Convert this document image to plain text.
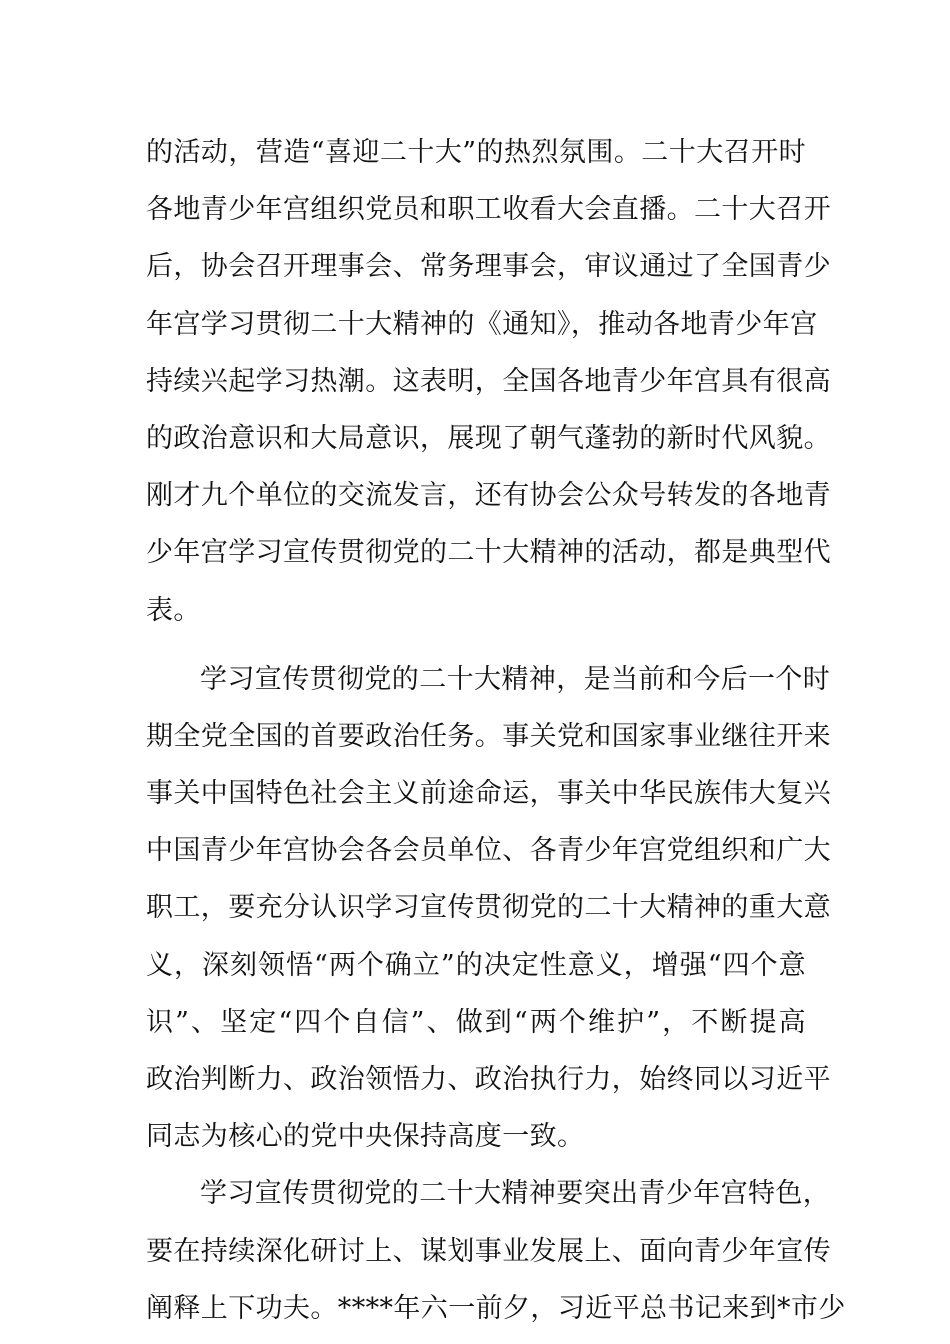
的活动，营造“喜迎二十大”的热烈氛围。二十大召开时
各地青少年宫组织党员和职工收看大会直播。二十大召开
后，协会召开理事会、常务理事会，审议通过了全国青少
年宫学习贯彻二十大精神的《通知》，推动各地青少年宫
持续兴起学习热潮。这表明，全国各地青少年宫具有很高
的政治意识和大局意识，展现了朝气蓬勃的新时代风貌。
刚才九个单位的交流发言，还有协会公众号转发的各地青
少年宫学习宣传贯彻党的二十大精神的活动，都是典型代
表。
学习宣传贯彻党的二十大精神，是当前和今后一个时
期全党全国的首要政治任务。事关党和国家事业继往开来
事关中国特色社会主义前途命运，事关中华民族伟大复兴
中国青少年宫协会各会员单位、各青少年宫党组织和广大
职工，要充分认识学习宣传贯彻党的二十大精神的重大意
义，深刻领悟“两个确立”的决定性意义，增强“四个意
识”、坚定“四个自信”、做到“两个维护”，不断提高
政治判断力、政治领悟力、政治执行力，始终同以习近平
同志为核心的党中央保持高度一致。
学习宣传贯彻党的二十大精神要突出青少年宫特色，
要在持续深化研讨上、谋划事业发展上、面向青少年宣传
阐释上下功夫。****年六一前夕，习近平总书记来到*市少
